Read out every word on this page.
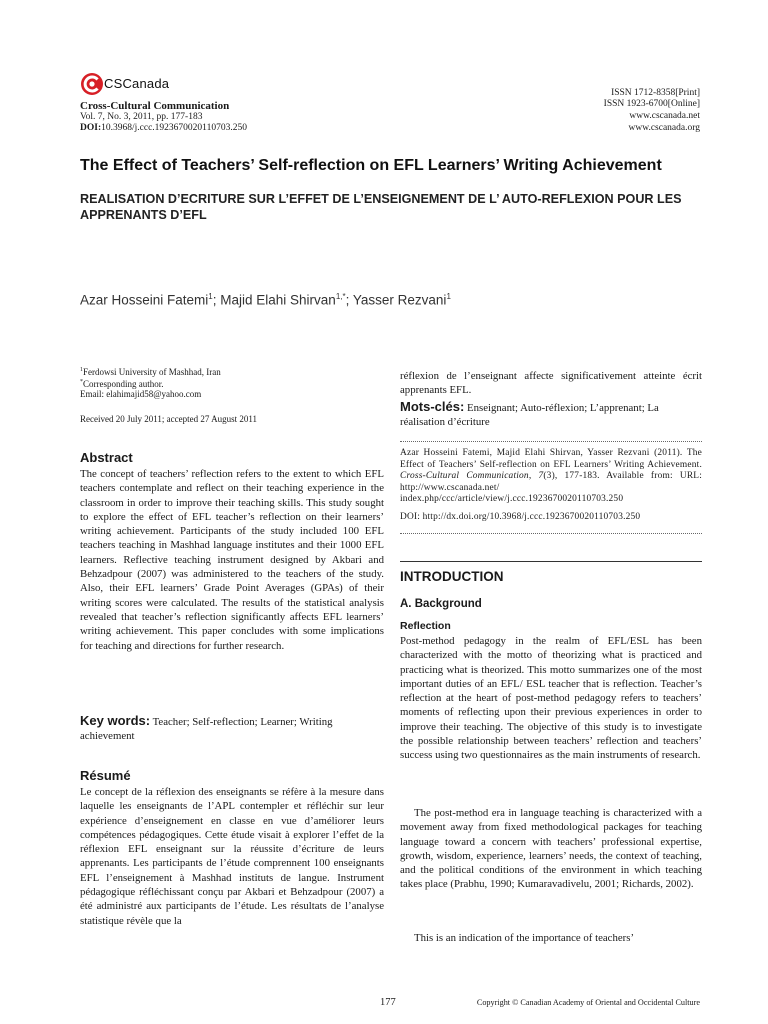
CSCanada
Cross-Cultural Communication
Vol. 7, No. 3, 2011, pp. 177-183
DOI:10.3968/j.ccc.1923670020110703.250
ISSN 1712-8358[Print]
ISSN 1923-6700[Online]
www.cscanada.net
www.cscanada.org
The Effect of Teachers’ Self-reflection on EFL Learners’ Writing Achievement
REALISATION D’ECRITURE SUR L’EFFET DE L’ENSEIGNEMENT DE L’ AUTO-REFLEXION POUR LES APPRENANTS D’EFL
Azar Hosseini Fatemi$^1$; Majid Elahi Shirvan$^{1,*}$; Yasser Rezvani$^1$
$^1$Ferdowsi University of Mashhad, Iran
*Corresponding author.
Email: elahimajid58@yahoo.com
Received 20 July 2011; accepted 27 August 2011
Abstract

The concept of teachers’ reflection refers to the extent to which EFL teachers contemplate and reflect on their teaching experience in the classroom in order to improve their teaching skills. This study sought to explore the effect of EFL teacher’s reflection on their learners’ writing achievement. Participants of the study included 100 EFL teachers teaching in Mashhad language institutes and their 1000 EFL learners. Reflective teaching instrument designed by Akbari and Behzadpour (2007) was administered to the teachers of the study. Also, their EFL learners’ Grade Point Averages (GPAs) of their writing scores were calculated. The results of the statistical analysis revealed that teacher’s reflection significantly affects EFL learners’ writing achievement. This paper concludes with some implications for teaching and directions for further research.

Key words: Teacher; Self-reflection; Learner; Writing achievement
Résumé

Le concept de la réflexion des enseignants se réfère à la mesure dans laquelle les enseignants de l’APL contempler et réfléchir sur leur expérience d’enseignement en classe en vue d’améliorer leurs compétences pédagogiques. Cette étude visait à explorer l’effet de la réflexion EFL enseignant sur la réussite d’écriture de leurs apprenants. Les participants de l’étude comprennent 100 enseignants EFL l’enseignement à Mashhad instituts de langue. Instrument pédagogique réfléchissant conçu par Akbari et Behzadpour (2007) a été administré aux participants de l’étude. Les résultats de l’analyse statistique révèle que la

réflexion de l’enseignant affecte significativement atteinte écrit apprenants EFL.

Mots-clés: Enseignant; Auto-réflexion; L’apprenant; La réalisation d’écriture
Azar Hosseini Fatemi, Majid Elahi Shirvan, Yasser Rezvani (2011). The Effect of Teachers’ Self-reflection on EFL Learners’ Writing Achievement. Cross-Cultural Communication, 7(3), 177-183. Available from: URL: http://www.cscanada.net/ index.php/ccc/article/view/j.ccc.1923670020110703.250
DOI: http://dx.doi.org/10.3968/j.ccc.1923670020110703.250
INTRODUCTION
A. Background
Reflection

Post-method pedagogy in the realm of EFL/ESL has been characterized with the motto of theorizing what is practiced and practicing what is theorized. This motto summarizes one of the most important duties of an EFL/ ESL teacher that is reflection. Teacher’s reflection at the heart of post-method pedagogy refers to teachers’ moments of reflecting upon their previous experiences in order to improve their teaching. The objective of this study is to investigate the possible relationship between teachers’ reflection and teachers’ success using two questionnaires as the main instruments of research.

The post-method era in language teaching is characterized with a movement away from fixed methodological packages for teaching language toward a concern with teachers’ professional expertise, growth, wisdom, experience, learners’ needs, the context of teaching, and the political conditions of the environment in which teaching takes place (Prabhu, 1990; Kumaravadivelu, 2001; Richards, 2002).

This is an indication of the importance of teachers’

177	Copyright © Canadian Academy of Oriental and Occidental Culture
